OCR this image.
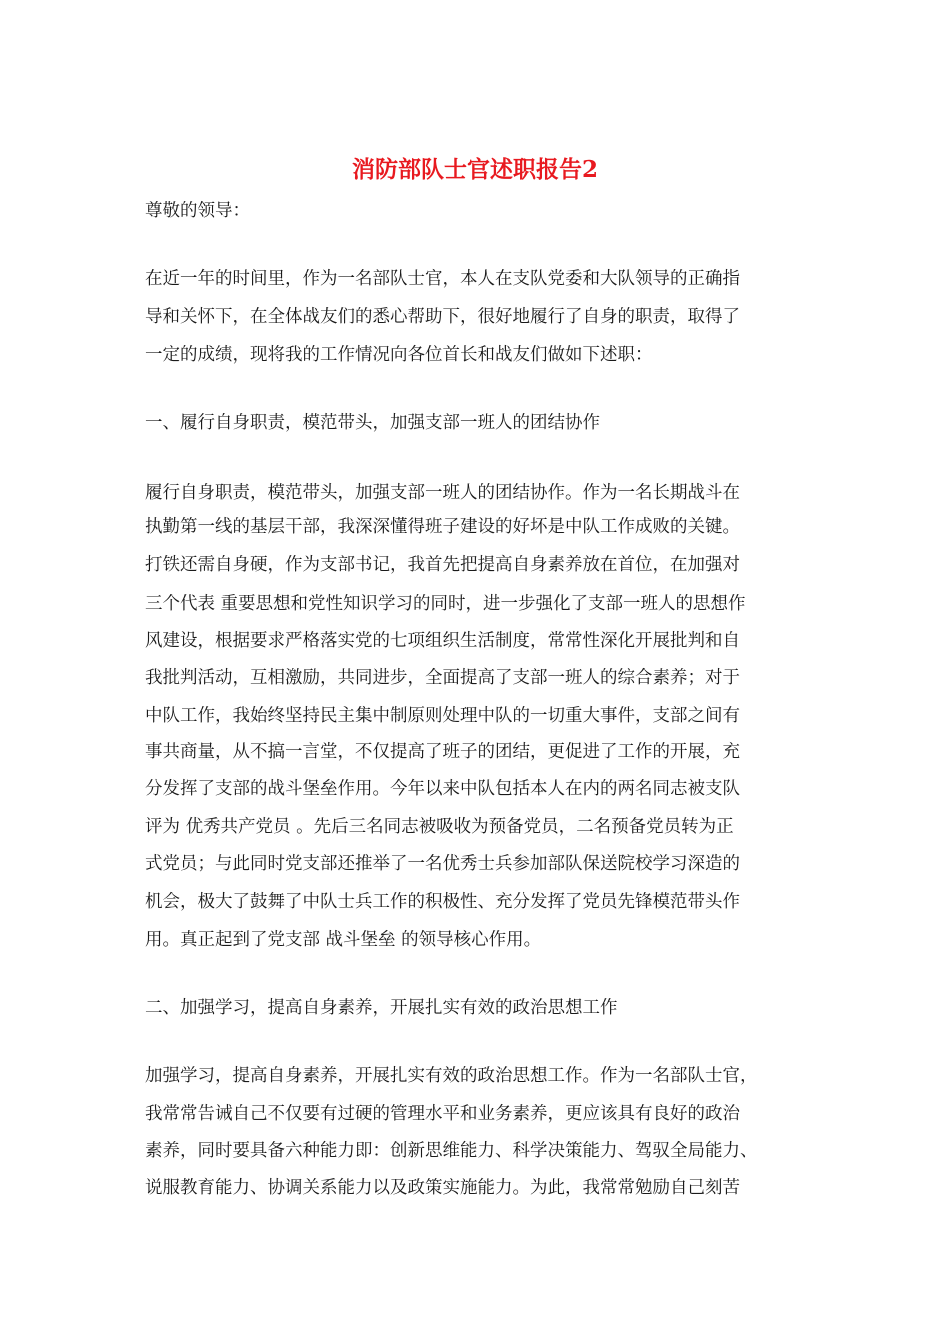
消防部队士官述职报告2

尊敬的领导：

在近一年的时间里，作为一名部队士官，本人在支队党委和大队领导的正确指

导和关怀下，在全体战友们的悉心帮助下，很好地履行了自身的职责，取得了

一定的成绩，现将我的工作情况向各位首长和战友们做如下述职：

一、履行自身职责，模范带头，加强支部一班人的团结协作

履行自身职责，模范带头，加强支部一班人的团结协作。作为一名长期战斗在

执勤第一线的基层干部，我深深懂得班子建设的好坏是中队工作成败的关键。

打铁还需自身硬，作为支部书记，我首先把提高自身素养放在首位，在加强对

三个代表 重要思想和党性知识学习的同时，进一步强化了支部一班人的思想作

风建设，根据要求严格落实党的七项组织生活制度，常常性深化开展批判和自

我批判活动，互相激励，共同进步，全面提高了支部一班人的综合素养；对于

中队工作，我始终坚持民主集中制原则处理中队的一切重大事件，支部之间有

事共商量，从不搞一言堂，不仅提高了班子的团结，更促进了工作的开展，充

分发挥了支部的战斗堡垒作用。今年以来中队包括本人在内的两名同志被支队

评为 优秀共产党员 。先后三名同志被吸收为预备党员，二名预备党员转为正

式党员；与此同时党支部还推举了一名优秀士兵参加部队保送院校学习深造的

机会，极大了鼓舞了中队士兵工作的积极性、充分发挥了党员先锋模范带头作

用。真正起到了党支部 战斗堡垒 的领导核心作用。

二、加强学习，提高自身素养，开展扎实有效的政治思想工作

加强学习，提高自身素养，开展扎实有效的政治思想工作。作为一名部队士官，

我常常告诫自己不仅要有过硬的管理水平和业务素养，更应该具有良好的政治

素养，同时要具备六种能力即：创新思维能力、科学决策能力、驾驭全局能力、

说服教育能力、协调关系能力以及政策实施能力。为此，我常常勉励自己刻苦
